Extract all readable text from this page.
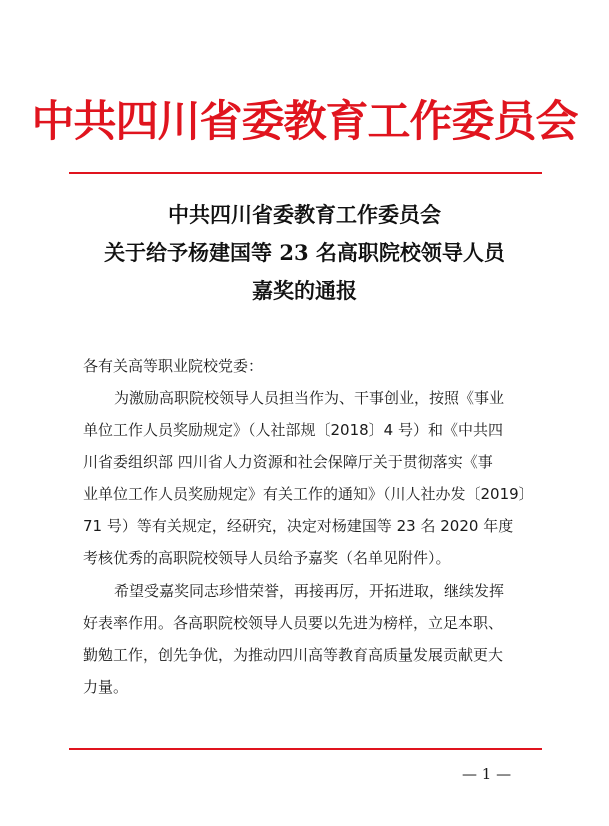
中共四川省委教育工作委员会
中共四川省委教育工作委员会
关于给予杨建国等 23 名高职院校领导人员
嘉奖的通报
各有关高等职业院校党委：
为激励高职院校领导人员担当作为、干事创业，按照《事业
单位工作人员奖励规定》（人社部规〔2018〕4 号）和《中共四
川省委组织部 四川省人力资源和社会保障厅关于贯彻落实《事
业单位工作人员奖励规定》有关工作的通知》（川人社办发〔2019〕
71 号）等有关规定，经研究，决定对杨建国等 23 名 2020 年度
考核优秀的高职院校领导人员给予嘉奖（名单见附件）。
希望受嘉奖同志珍惜荣誉，再接再厉，开拓进取，继续发挥
好表率作用。各高职院校领导人员要以先进为榜样，立足本职、
勤勉工作，创先争优，为推动四川高等教育高质量发展贡献更大
力量。
— 1 —
